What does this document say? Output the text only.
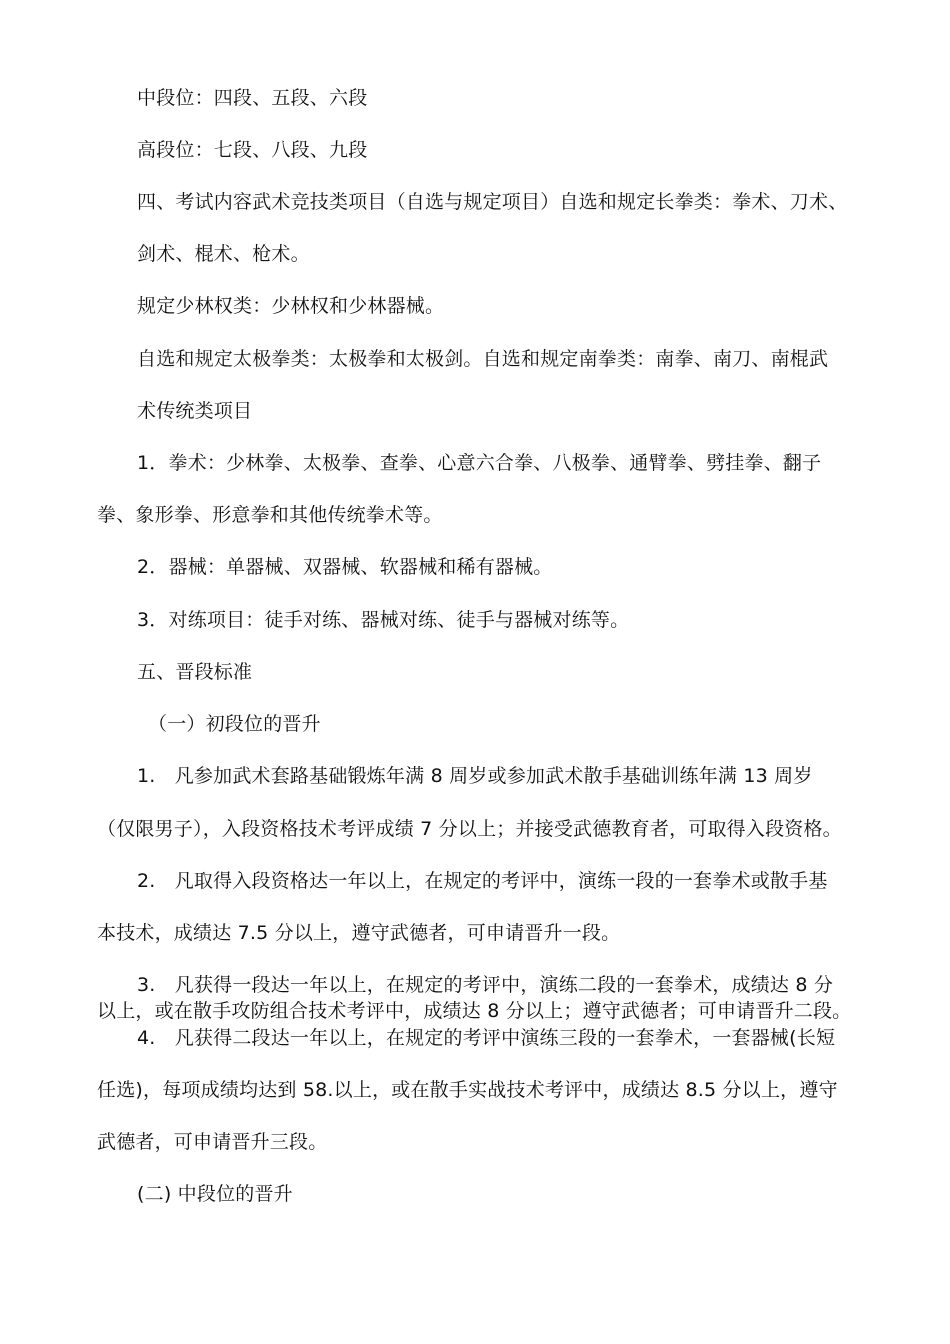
中段位：四段、五段、六段
高段位：七段、八段、九段
四、考试内容武术竞技类项目（自选与规定项目）自选和规定长拳类：拳术、刀术、
剑术、棍术、枪术。
规定少林权类：少林权和少林器械。
自选和规定太极拳类：太极拳和太极剑。自选和规定南拳类：南拳、南刀、南棍武
术传统类项目
1．拳术：少林拳、太极拳、查拳、心意六合拳、八极拳、通臂拳、劈挂拳、翻子
拳、象形拳、形意拳和其他传统拳术等。
2．器械：单器械、双器械、软器械和稀有器械。
3．对练项目：徒手对练、器械对练、徒手与器械对练等。
五、晋段标准
（一）初段位的晋升
1.　凡参加武术套路基础锻炼年满 8 周岁或参加武术散手基础训练年满 13 周岁
（仅限男子），入段资格技术考评成绩 7 分以上；并接受武德教育者，可取得入段资格。
2.　凡取得入段资格达一年以上，在规定的考评中，演练一段的一套拳术或散手基
本技术，成绩达 7.5 分以上，遵守武德者，可申请晋升一段。
3.　凡获得一段达一年以上，在规定的考评中，演练二段的一套拳术，成绩达 8 分
以上，或在散手攻防组合技术考评中，成绩达 8 分以上；遵守武德者；可申请晋升二段。
4.　凡获得二段达一年以上，在规定的考评中演练三段的一套拳术，一套器械(长短
任选)，每项成绩均达到 58.以上，或在散手实战技术考评中，成绩达 8.5 分以上，遵守
武德者，可申请晋升三段。
(二) 中段位的晋升
